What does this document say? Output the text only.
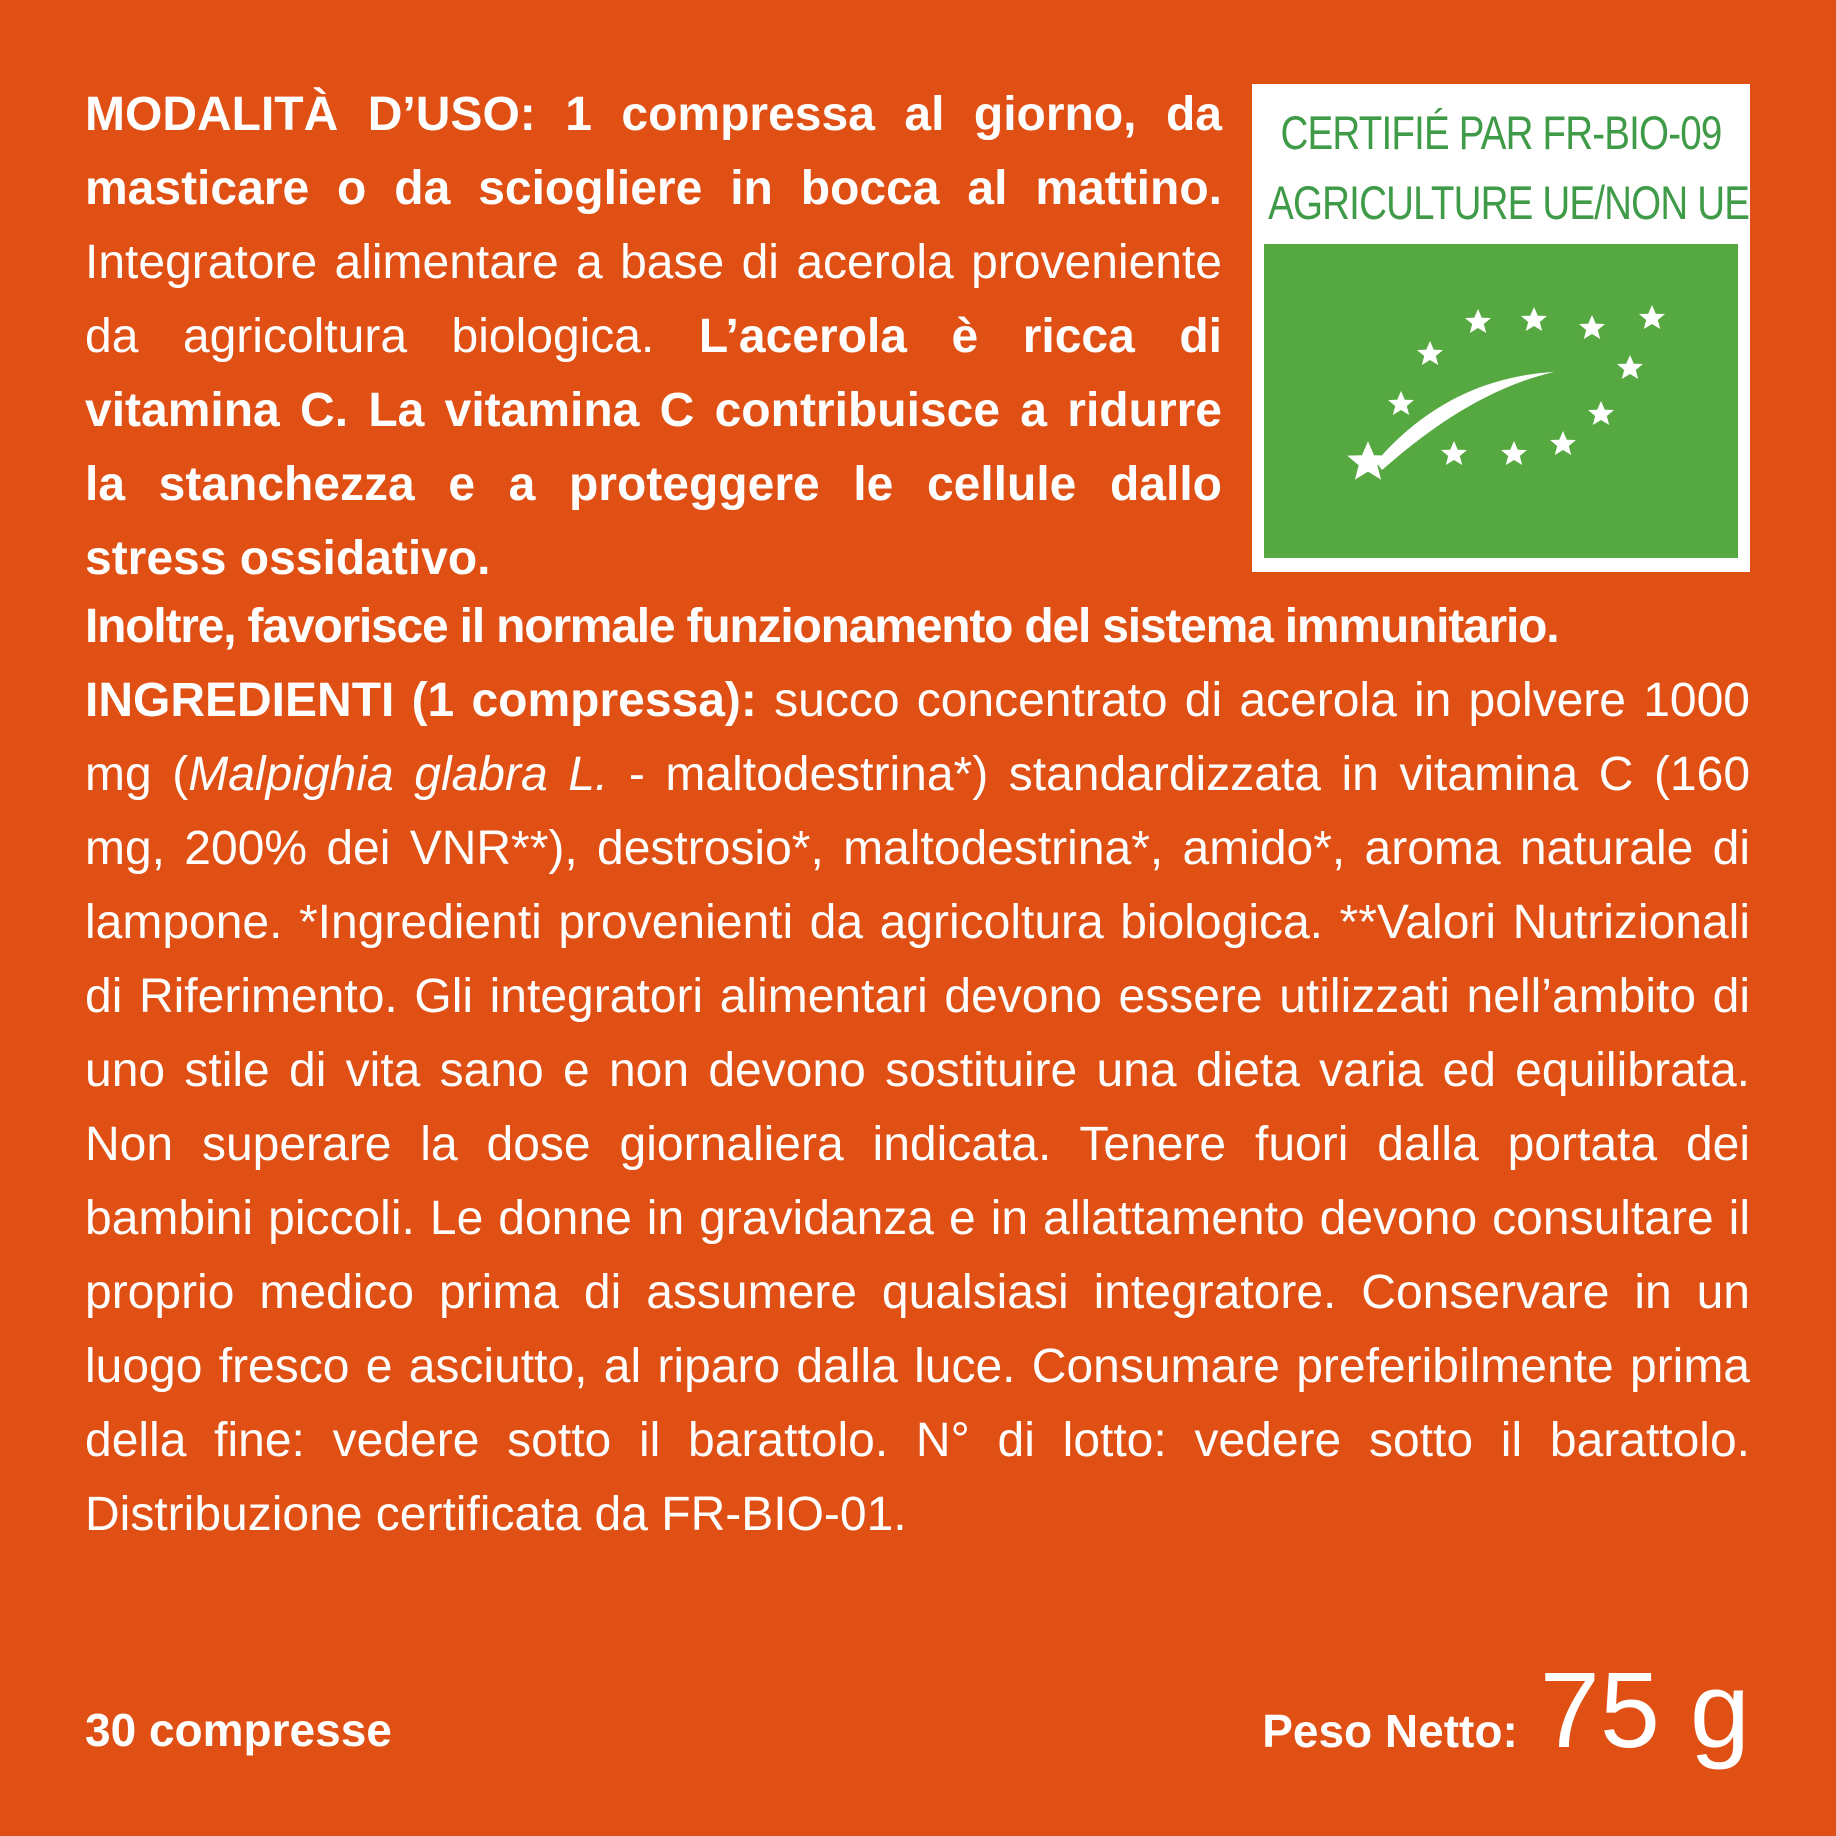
MODALITÀ D’USO: 1 compressa al giorno, da masticare o da sciogliere in bocca al mattino. Integratore alimentare a base di acerola proveniente da agricoltura biologica. L’acerola è ricca di vitamina C. La vitamina C contribuisce a ridurre la stanchezza e a proteggere le cellule dallo stress ossidativo.
CERTIFIÉ PAR FR-BIO-09
AGRICULTURE UE/NON UE
Inoltre, favorisce il normale funzionamento del sistema immunitario.
INGREDIENTI (1 compressa): succo concentrato di acerola in polvere 1000 mg (Malpighia glabra L. - maltodestrina*) standardizzata in vitamina C (160 mg, 200% dei VNR**), destrosio*, maltodestrina*, amido*, aroma naturale di lampone. *Ingredienti provenienti da agricoltura biologica. **Valori Nutrizionali di Riferimento. Gli integratori alimentari devono essere utilizzati nell’ambito di uno stile di vita sano e non devono sostituire una dieta varia ed equilibrata. Non superare la dose giornaliera indicata. Tenere fuori dalla portata dei bambini piccoli. Le donne in gravidanza e in allattamento devono consultare il proprio medico prima di assumere qualsiasi integratore. Conservare in un luogo fresco e asciutto, al riparo dalla luce. Consumare preferibilmente prima della fine: vedere sotto il barattolo. N° di lotto: vedere sotto il barattolo. Distribuzione certificata da FR-BIO-01.
30 compresse	Peso Netto: 75 g
